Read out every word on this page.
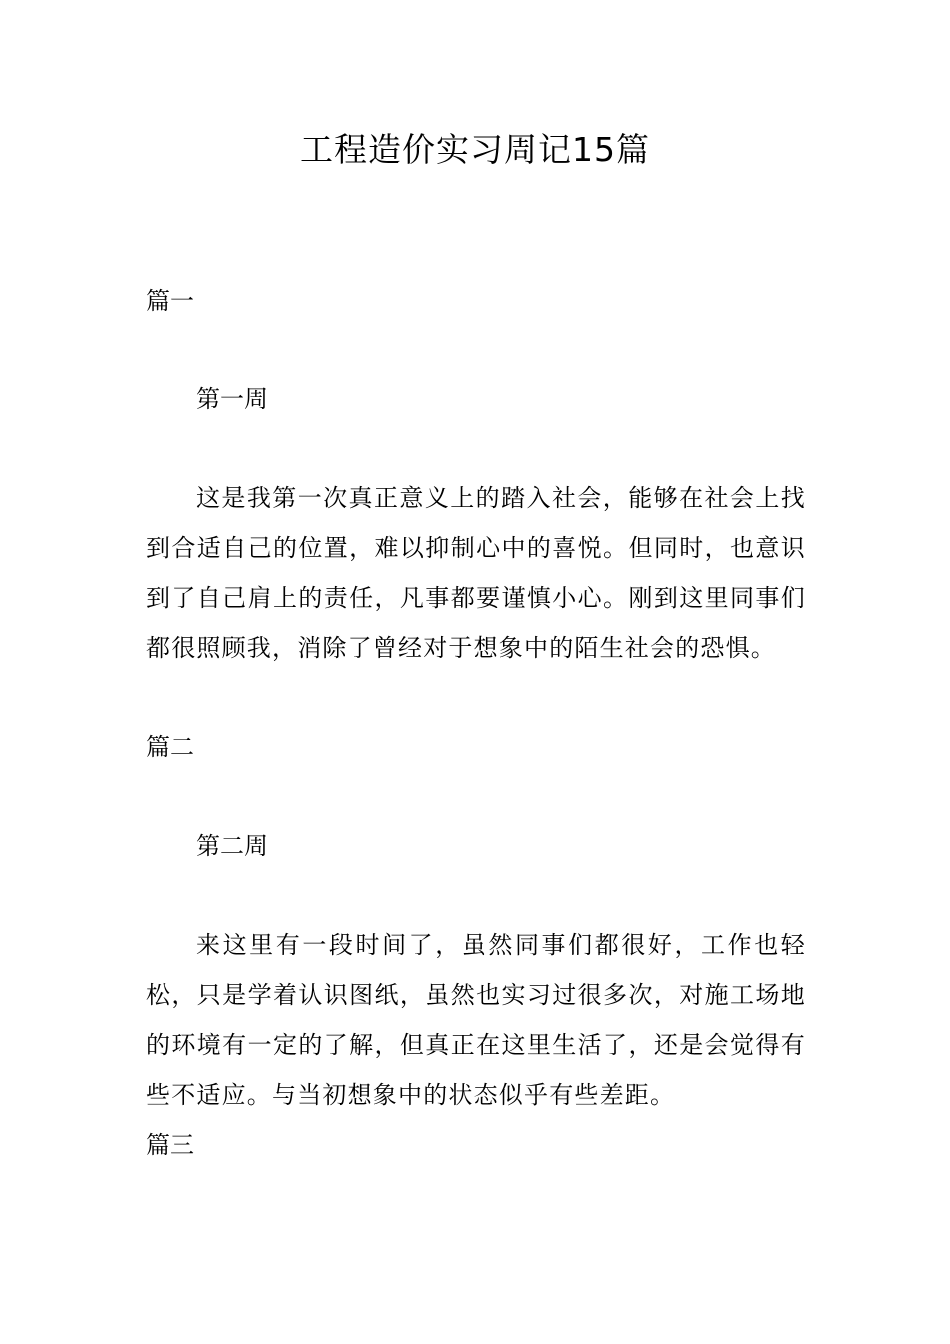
工程造价实习周记15篇

篇一

第一周

这是我第一次真正意义上的踏入社会，能够在社会上找到合适自己的位置，难以抑制心中的喜悦。但同时，也意识到了自己肩上的责任，凡事都要谨慎小心。刚到这里同事们都很照顾我，消除了曾经对于想象中的陌生社会的恐惧。

篇二

第二周

来这里有一段时间了，虽然同事们都很好，工作也轻松，只是学着认识图纸，虽然也实习过很多次，对施工场地的环境有一定的了解，但真正在这里生活了，还是会觉得有些不适应。与当初想象中的状态似乎有些差距。

篇三
